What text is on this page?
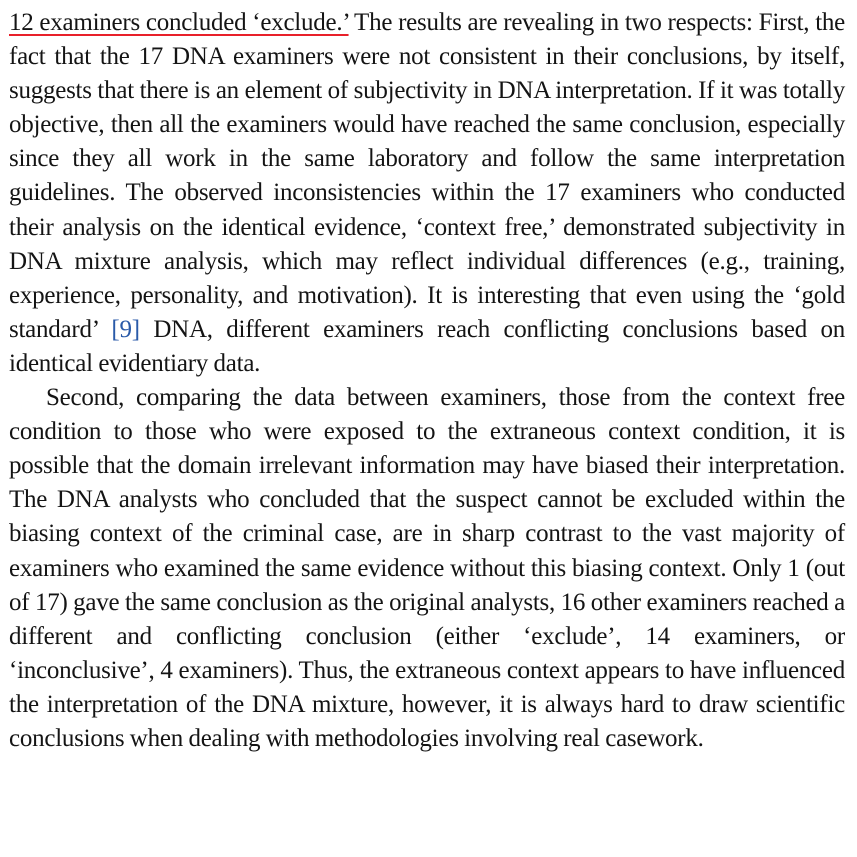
12 examiners concluded ‘exclude.’ The results are revealing in two respects: First, the fact that the 17 DNA examiners were not consistent in their conclusions, by itself, suggests that there is an element of subjectivity in DNA interpretation. If it was totally objective, then all the examiners would have reached the same conclusion, especially since they all work in the same laboratory and follow the same interpretation guidelines. The observed inconsistencies within the 17 examiners who conducted their analysis on the identical evidence, ‘context free,’ demonstrated subjectivity in DNA mixture analysis, which may reflect individual differences (e.g., training, experience, personality, and motivation). It is interesting that even using the ‘gold standard’ [9] DNA, different examiners reach conflicting conclusions based on identical evidentiary data.

Second, comparing the data between examiners, those from the context free condition to those who were exposed to the extraneous context condition, it is possible that the domain irrelevant information may have biased their interpretation. The DNA analysts who concluded that the suspect cannot be excluded within the biasing context of the criminal case, are in sharp contrast to the vast majority of examiners who examined the same evidence without this biasing context. Only 1 (out of 17) gave the same conclusion as the original analysts, 16 other examiners reached a different and conflicting conclusion (either ‘exclude’, 14 examiners, or ‘inconclusive’, 4 examiners). Thus, the extraneous context appears to have influenced the interpretation of the DNA mixture, however, it is always hard to draw scientific conclusions when dealing with methodologies involving real casework.
